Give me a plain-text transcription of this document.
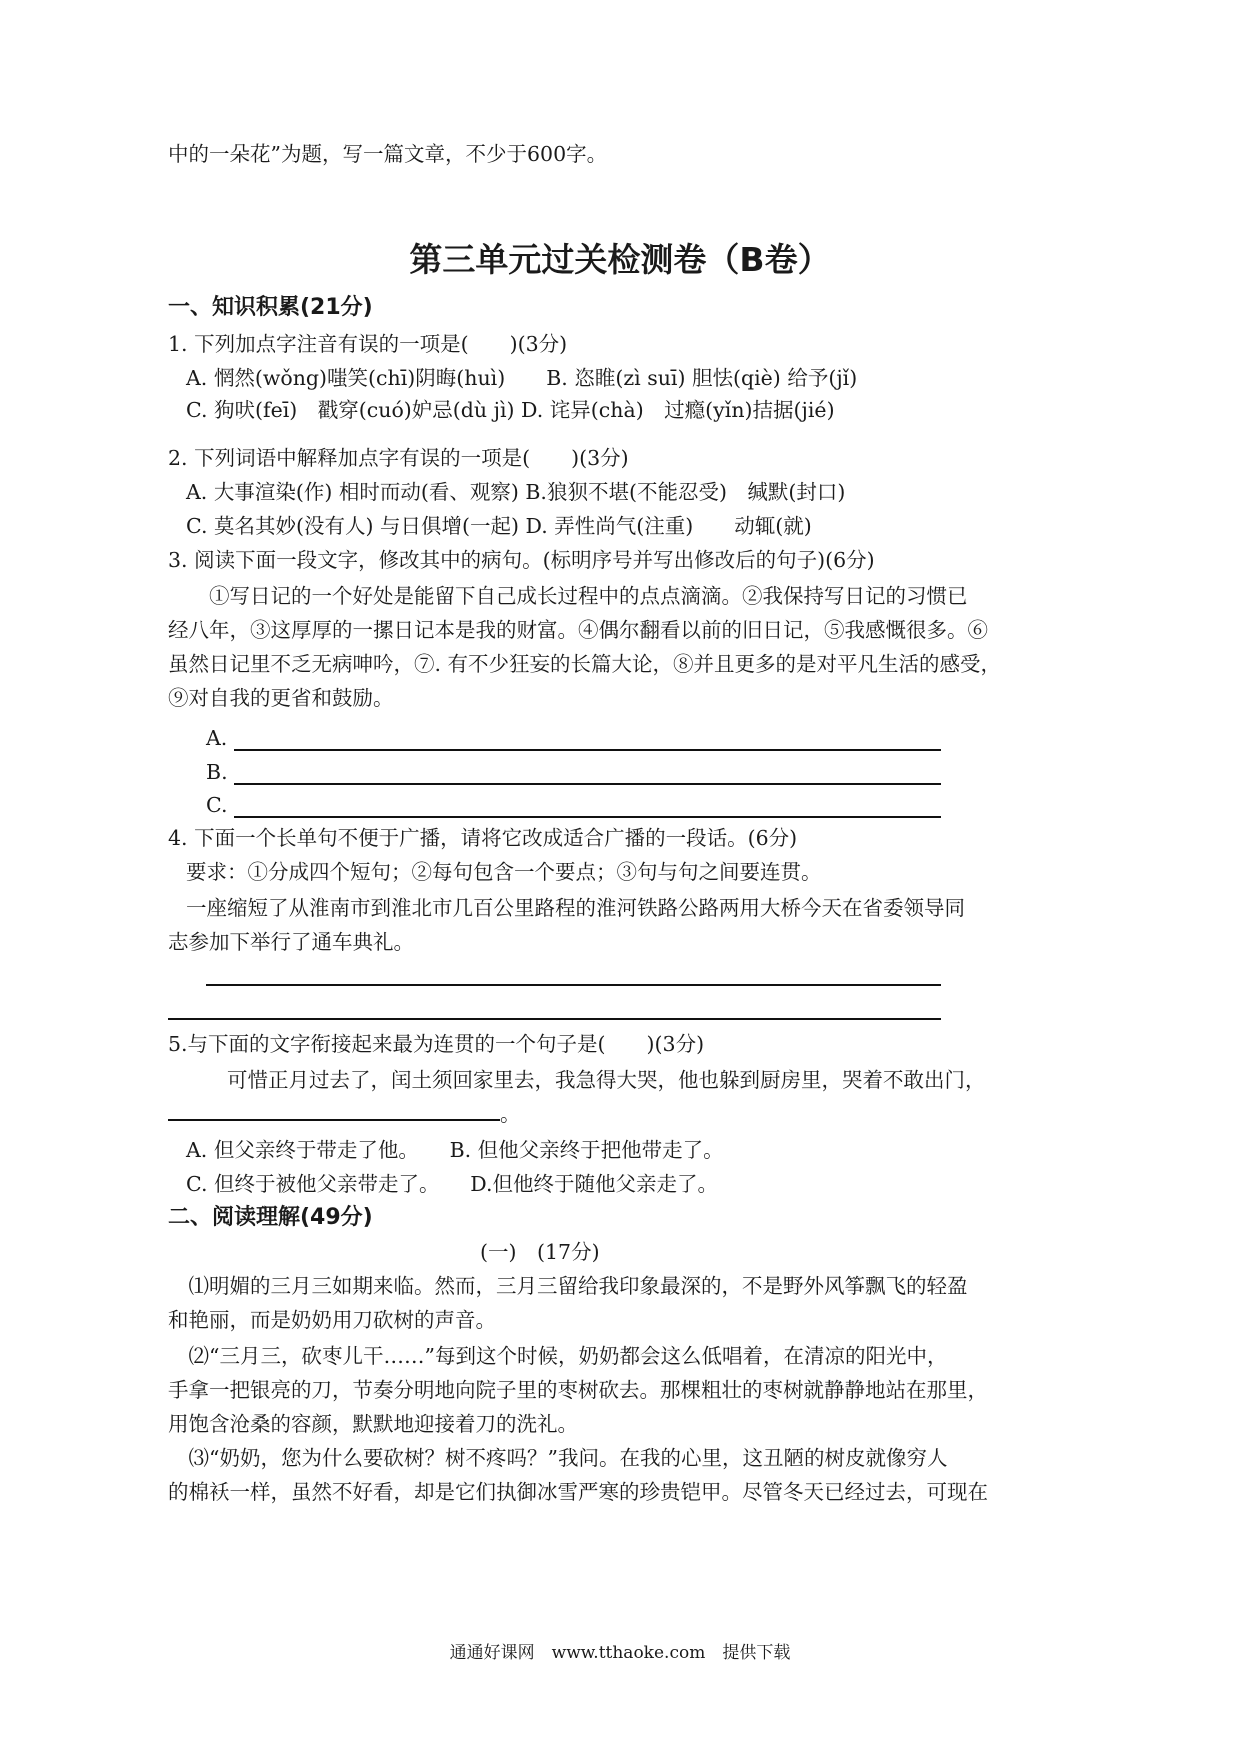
中的一朵花”为题，写一篇文章，不少于600字。
第三单元过关检测卷（B卷）
一、知识积累(21分)
1. 下列加点字注音有误的一项是(　　)(3分)
A. 惘然(wǒng)嗤笑(chī)阴晦(huì)　　B. 恣睢(zì suī) 胆怯(qiè) 给予(jǐ)
C. 狗吠(feī)　戳穿(cuó)妒忌(dù jì) D. 诧异(chà)　过瘾(yǐn)拮据(jié)
2. 下列词语中解释加点字有误的一项是(　　)(3分)
A. 大事渲染(作) 相时而动(看、观察) B.狼狈不堪(不能忍受)　缄默(封口)
C. 莫名其妙(没有人) 与日俱增(一起) D. 弄性尚气(注重)　　动辄(就)
3. 阅读下面一段文字，修改其中的病句。(标明序号并写出修改后的句子)(6分)
　　①写日记的一个好处是能留下自己成长过程中的点点滴滴。②我保持写日记的习惯已
经八年，③这厚厚的一摞日记本是我的财富。④偶尔翻看以前的旧日记，⑤我感慨很多。⑥
虽然日记里不乏无病呻吟，⑦. 有不少狂妄的长篇大论，⑧并且更多的是对平凡生活的感受，
⑨对自我的更省和鼓励。
A.
B.
C.
4. 下面一个长单句不便于广播，请将它改成适合广播的一段话。(6分)
要求：①分成四个短句；②每句包含一个要点；③句与句之间要连贯。
一座缩短了从淮南市到淮北市几百公里路程的淮河铁路公路两用大桥今天在省委领导同
志参加下举行了通车典礼。
5.与下面的文字衔接起来最为连贯的一个句子是(　　)(3分)
　　可惜正月过去了，闰土须回家里去，我急得大哭，他也躲到厨房里，哭着不敢出门，
。
A. 但父亲终于带走了他。　　B. 但他父亲终于把他带走了。
C. 但终于被他父亲带走了。　　D.但他终于随他父亲走了。
二、阅读理解(49分)
(一)　(17分)
　⑴明媚的三月三如期来临。然而，三月三留给我印象最深的，不是野外风筝飘飞的轻盈
和艳丽，而是奶奶用刀砍树的声音。
　⑵“三月三，砍枣儿干……”每到这个时候，奶奶都会这么低唱着，在清凉的阳光中，
手拿一把银亮的刀，节奏分明地向院子里的枣树砍去。那棵粗壮的枣树就静静地站在那里，
用饱含沧桑的容颜，默默地迎接着刀的洗礼。
　⑶“奶奶，您为什么要砍树？树不疼吗？”我问。在我的心里，这丑陋的树皮就像穷人
的棉袄一样，虽然不好看，却是它们执御冰雪严寒的珍贵铠甲。尽管冬天已经过去，可现在
通通好课网　www.tthaoke.com　提供下载
